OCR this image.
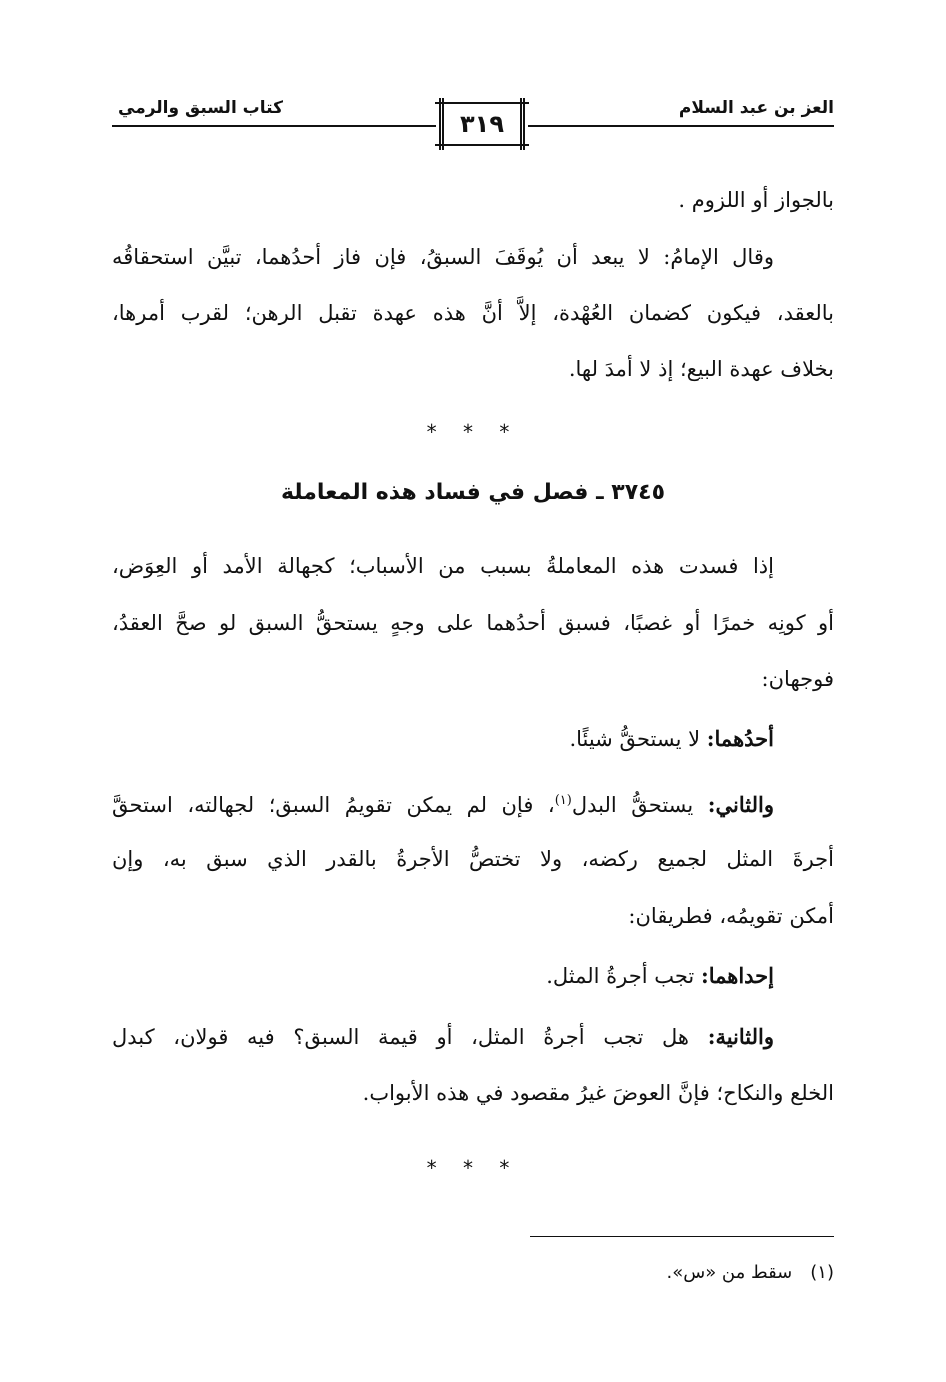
العز بن عبد السلام
٣١٩
كتاب السبق والرمي
بالجواز أو اللزوم .
وقال الإمامُ: لا يبعد أن يُوقَفَ السبقُ، فإن فاز أحدُهما، تبيَّن استحقاقُه
بالعقد، فيكون كضمان العُهْدة، إلاَّ أنَّ هذه عهدة تقبل الرهن؛ لقرب أمرها،
بخلاف عهدة البيع؛ إذ لا أمدَ لها.
* * *
٣٧٤٥ ـ فصل في فساد هذه المعاملة
إذا فسدت هذه المعاملةُ بسبب من الأسباب؛ كجهالة الأمد أو العِوَض،
أو كونِه خمرًا أو غصبًا، فسبق أحدُهما على وجهٍ يستحقُّ السبق لو صحَّ العقدُ،
فوجهان:
أحدُهما: لا يستحقُّ شيئًا.
والثاني: يستحقُّ البدل$^{(١)}$، فإن لم يمكن تقويمُ السبق؛ لجهالته، استحقَّ
أجرةَ المثل لجميع ركضه، ولا تختصُّ الأجرةُ بالقدر الذي سبق به، وإن
أمكن تقويمُه، فطريقان:
إحداهما: تجب أجرةُ المثل.
والثانية: هل تجب أجرةُ المثل، أو قيمة السبق؟ فيه قولان، كبدل
الخلع والنكاح؛ فإنَّ العوضَ غيرُ مقصود في هذه الأبواب.
* * *
(١)سقط من «س».
